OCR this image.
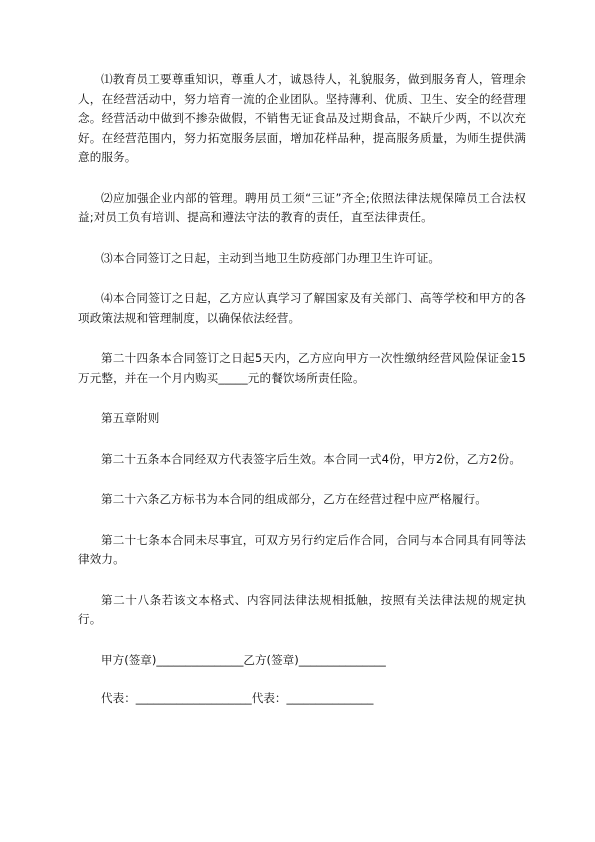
⑴教育员工要尊重知识，尊重人才，诚恳待人，礼貌服务，做到服务育人，管理余人，在经营活动中，努力培育一流的企业团队。坚持薄利、优质、卫生、安全的经营理念。经营活动中做到不掺杂做假，不销售无证食品及过期食品，不缺斤少两，不以次充好。在经营范围内，努力拓宽服务层面，增加花样品种，提高服务质量，为师生提供满意的服务。

⑵应加强企业内部的管理。聘用员工须“三证”齐全;依照法律法规保障员工合法权益;对员工负有培训、提高和遵法守法的教育的责任，直至法律责任。

⑶本合同签订之日起，主动到当地卫生防疫部门办理卫生许可证。

⑷本合同签订之日起，乙方应认真学习了解国家及有关部门、高等学校和甲方的各项政策法规和管理制度，以确保依法经营。

第二十四条本合同签订之日起5天内，乙方应向甲方一次性缴纳经营风险保证金15万元整，并在一个月内购买_____元的餐饮场所责任险。

第五章附则

第二十五条本合同经双方代表签字后生效。本合同一式4份，甲方2份，乙方2份。

第二十六条乙方标书为本合同的组成部分，乙方在经营过程中应严格履行。

第二十七条本合同未尽事宜，可双方另行约定后作合同，合同与本合同具有同等法律效力。

第二十八条若该文本格式、内容同法律法规相抵触，按照有关法律法规的规定执行。

甲方(签章)_______________乙方(签章)_______________

代表：____________________代表：_______________
